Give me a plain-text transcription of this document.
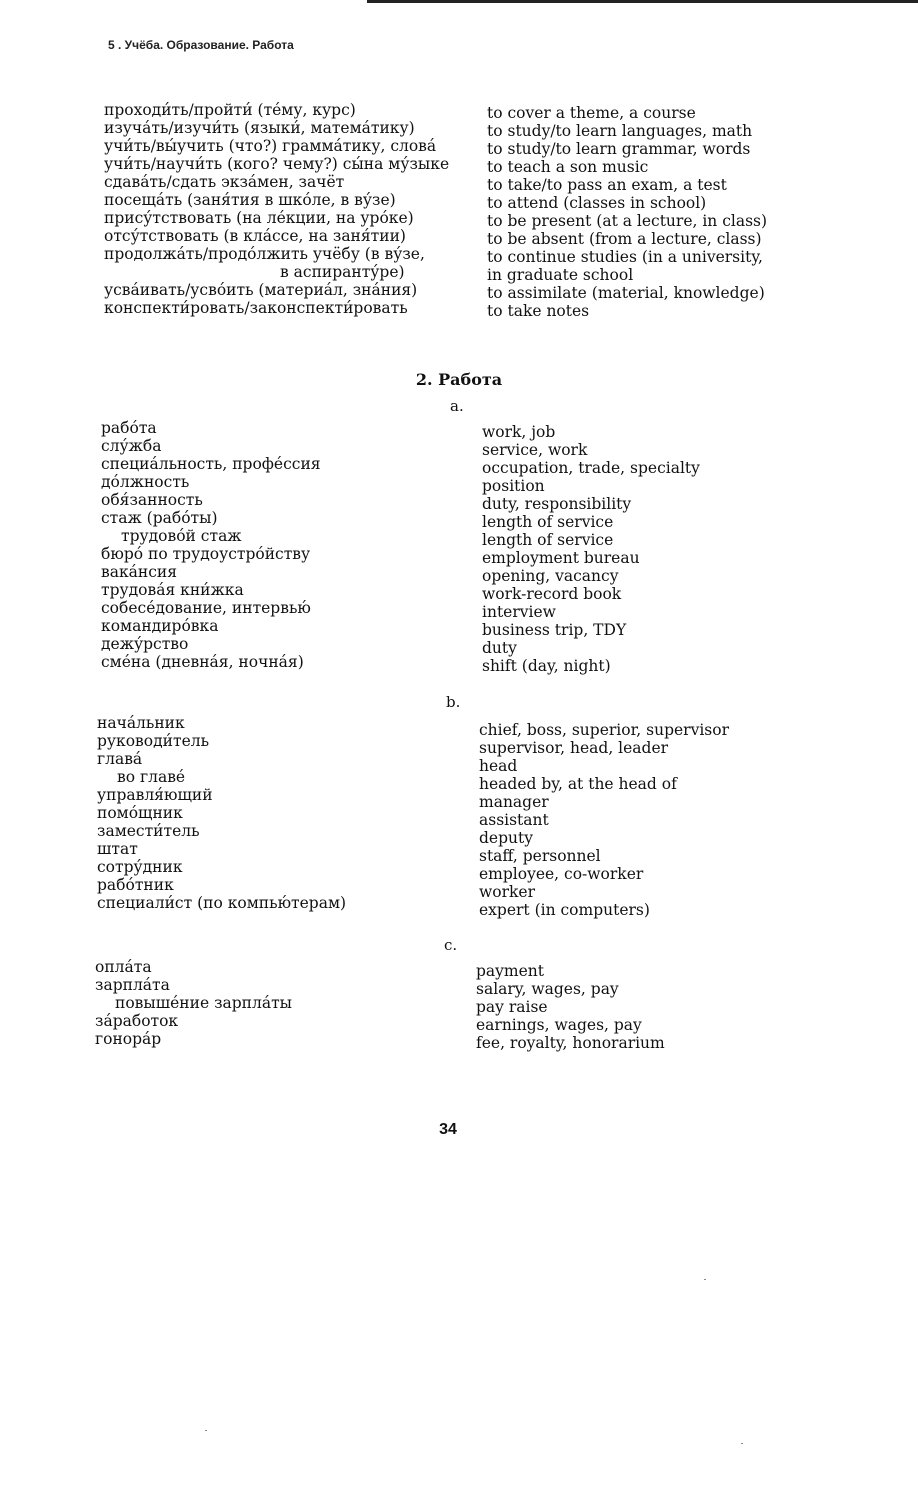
5 . Учёба. Образование. Работа
проходи́ть/пройти́ (те́му, курс)
изуча́ть/изучи́ть (языки́, матема́тику)
учи́ть/вы́учить (что?) грамма́тику, слова́
учи́ть/научи́ть (кого? чему?) сы́на му́зыке
сдава́ть/сдать экза́мен, зачёт
посеща́ть (заня́тия в шко́ле, в ву́зе)
прису́тствовать (на ле́кции, на уро́ке)
отсу́тствовать (в кла́ссе, на заня́тии)
продолжа́ть/продо́лжить учёбу (в ву́зе,
в аспиранту́ре)
усва́ивать/усво́ить (материа́л, зна́ния)
конспекти́ровать/законспекти́ровать
to cover a theme, a course
to study/to learn languages, math
to study/to learn grammar, words
to teach a son music
to take/to pass an exam, a test
to attend (classes in school)
to be present (at a lecture, in class)
to be absent (from a lecture, class)
to continue studies (in a university,
in graduate school
to assimilate (material, knowledge)
to take notes
2. Работа
a.
рабо́та
слу́жба
специа́льность, профе́ссия
до́лжность
обя́занность
стаж (рабо́ты)
трудово́й стаж
бюро́ по трудоустро́йству
вака́нсия
трудова́я кни́жка
собесе́дование, интервью́
командиро́вка
дежу́рство
сме́на (дневна́я, ночна́я)
work, job
service, work
occupation, trade, specialty
position
duty, responsibility
length of service
length of service
employment bureau
opening, vacancy
work-record book
interview
business trip, TDY
duty
shift (day, night)
b.
нача́льник
руководи́тель
глава́
во главе́
управля́ющий
помо́щник
замести́тель
штат
сотру́дник
рабо́тник
специали́ст (по компью́терам)
chief, boss, superior, supervisor
supervisor, head, leader
head
headed by, at the head of
manager
assistant
deputy
staff, personnel
employee, co-worker
worker
expert (in computers)
c.
опла́та
зарпла́та
повыше́ние зарпла́ты
за́работок
гонора́р
payment
salary, wages, pay
pay raise
earnings, wages, pay
fee, royalty, honorarium
34
